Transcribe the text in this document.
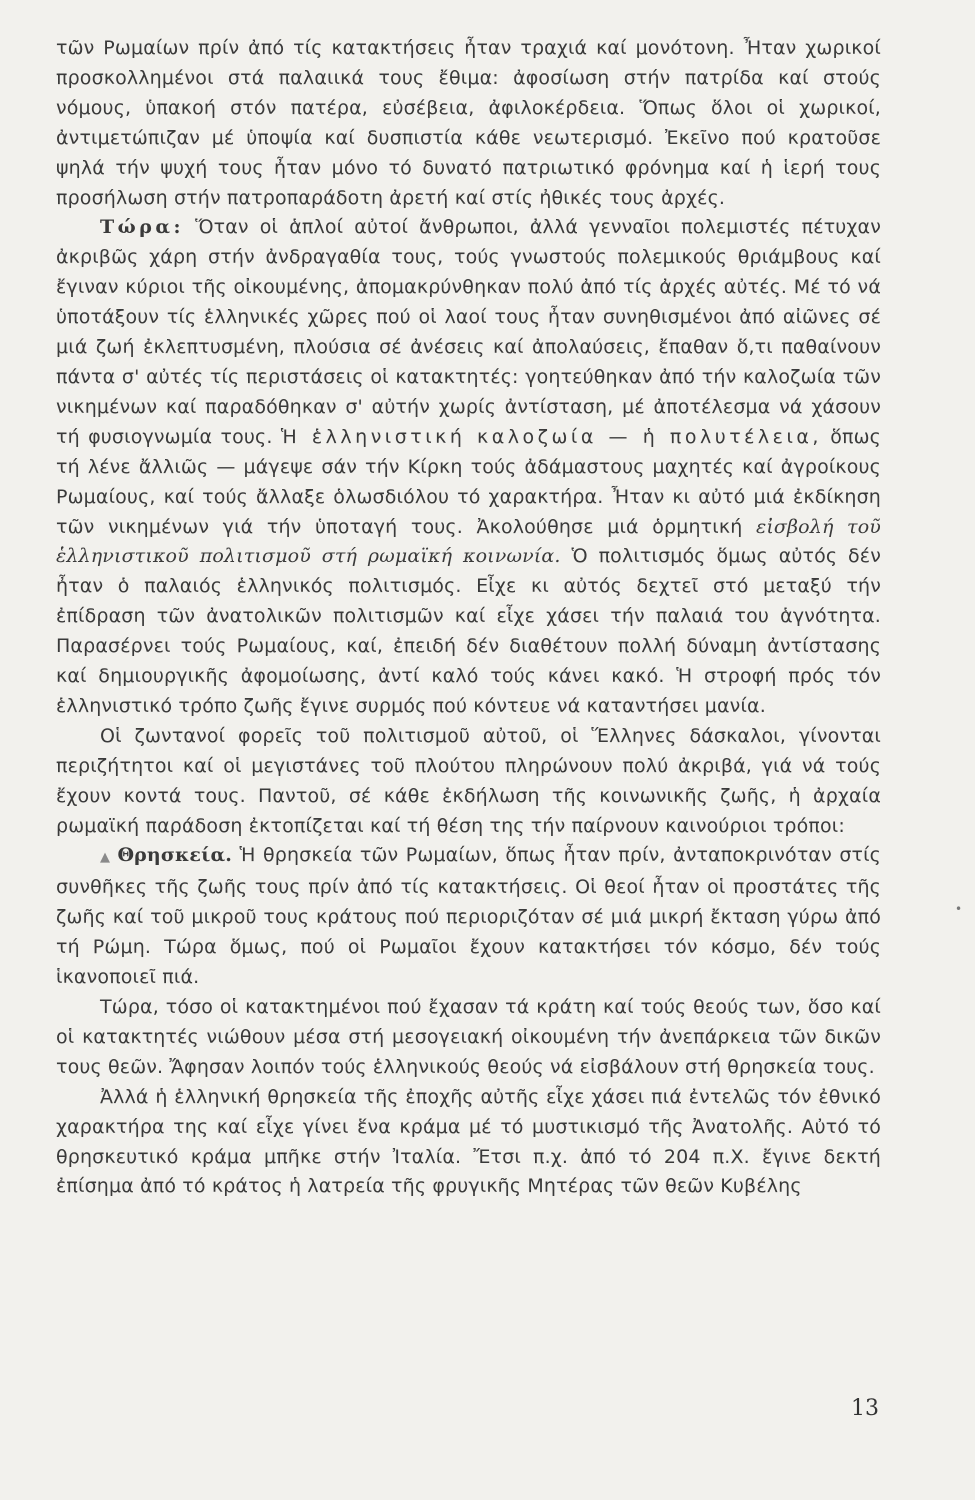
τῶν Ρωμαίων πρίν ἀπό τίς κατακτήσεις ἦταν τραχιά καί μονότονη. Ἦταν χωρικοί προσκολλημένοι στά παλαιικά τους ἔθιμα: ἀφοσίωση στήν πατρίδα καί στούς νόμους, ὑπακοή στόν πατέρα, εὐσέβεια, ἀφιλοκέρδεια. Ὅπως ὅλοι οἱ χωρικοί, ἀντιμετώπιζαν μέ ὑποψία καί δυσπιστία κάθε νεωτερισμό. Ἐκεῖνο πού κρατοῦσε ψηλά τήν ψυχή τους ἦταν μόνο τό δυνατό πατριωτικό φρόνημα καί ἡ ἱερή τους προσήλωση στήν πατροπαράδοτη ἀρετή καί στίς ἠθικές τους ἀρχές.

Τώρα: Ὅταν οἱ ἁπλοί αὐτοί ἄνθρωποι, ἀλλά γενναῖοι πολεμιστές πέτυχαν ἀκριβῶς χάρη στήν ἀνδραγαθία τους, τούς γνωστούς πολεμικούς θριάμβους καί ἔγιναν κύριοι τῆς οἰκουμένης, ἀπομακρύνθηκαν πολύ ἀπό τίς ἀρχές αὐτές. Μέ τό νά ὑποτάξουν τίς ἑλληνικές χῶρες πού οἱ λαοί τους ἦταν συνηθισμένοι ἀπό αἰῶνες σέ μιά ζωή ἐκλεπτυσμένη, πλούσια σέ ἀνέσεις καί ἀπολαύσεις, ἔπαθαν ὅ,τι παθαίνουν πάντα σ' αὐτές τίς περιστάσεις οἱ κατακτητές: γοητεύθηκαν ἀπό τήν καλοζωία τῶν νικημένων καί παραδόθηκαν σ' αὐτήν χωρίς ἀντίσταση, μέ ἀποτέλεσμα νά χάσουν τή φυσιογνωμία τους. Ἡ ἑλληνιστική καλοζωία — ἡ πολυτέλεια, ὅπως τή λένε ἄλλιῶς — μάγεψε σάν τήν Κίρκη τούς ἀδάμαστους μαχητές καί ἀγροίκους Ρωμαίους, καί τούς ἄλλαξε ὁλωσδιόλου τό χαρακτήρα. Ἦταν κι αὐτό μιά ἐκδίκηση τῶν νικημένων γιά τήν ὑποταγή τους. Ἀκολούθησε μιά ὁρμητική εἰσβολή τοῦ ἑλληνιστικοῦ πολιτισμοῦ στή ρωμαϊκή κοινωνία. Ὁ πολιτισμός ὅμως αὐτός δέν ἦταν ὁ παλαιός ἑλληνικός πολιτισμός. Εἶχε κι αὐτός δεχτεῖ στό μεταξύ τήν ἐπίδραση τῶν ἀνατολικῶν πολιτισμῶν καί εἶχε χάσει τήν παλαιά του ἁγνότητα. Παρασέρνει τούς Ρωμαίους, καί, ἐπειδή δέν διαθέτουν πολλή δύναμη ἀντίστασης καί δημιουργικῆς ἀφομοίωσης, ἀντί καλό τούς κάνει κακό. Ἡ στροφή πρός τόν ἑλληνιστικό τρόπο ζωῆς ἔγινε συρμός πού κόντευε νά καταντήσει μανία.

Οἱ ζωντανοί φορεῖς τοῦ πολιτισμοῦ αὐτοῦ, οἱ Ἕλληνες δάσκαλοι, γίνονται περιζήτητοι καί οἱ μεγιστάνες τοῦ πλούτου πληρώνουν πολύ ἀκριβά, γιά νά τούς ἔχουν κοντά τους. Παντοῦ, σέ κάθε ἐκδήλωση τῆς κοινωνικῆς ζωῆς, ἡ ἀρχαία ρωμαϊκή παράδοση ἐκτοπίζεται καί τή θέση της τήν παίρνουν καινούριοι τρόποι:

▲ Θρησκεία. Ἡ θρησκεία τῶν Ρωμαίων, ὅπως ἦταν πρίν, ἀνταποκρινόταν στίς συνθῆκες τῆς ζωῆς τους πρίν ἀπό τίς κατακτήσεις. Οἱ θεοί ἦταν οἱ προστάτες τῆς ζωῆς καί τοῦ μικροῦ τους κράτους πού περιοριζόταν σέ μιά μικρή ἔκταση γύρω ἀπό τή Ρώμη. Τώρα ὅμως, πού οἱ Ρωμαῖοι ἔχουν κατακτήσει τόν κόσμο, δέν τούς ἱκανοποιεῖ πιά.

Τώρα, τόσο οἱ κατακτημένοι πού ἔχασαν τά κράτη καί τούς θεούς των, ὅσο καί οἱ κατακτητές νιώθουν μέσα στή μεσογειακή οἰκουμένη τήν ἀνεπάρκεια τῶν δικῶν τους θεῶν. Ἄφησαν λοιπόν τούς ἑλληνικούς θεούς νά εἰσβάλουν στή θρησκεία τους.

Ἀλλά ἡ ἑλληνική θρησκεία τῆς ἐποχῆς αὐτῆς εἶχε χάσει πιά ἐντελῶς τόν ἐθνικό χαρακτήρα της καί εἶχε γίνει ἕνα κράμα μέ τό μυστικισμό τῆς Ἀνατολῆς. Αὐτό τό θρησκευτικό κράμα μπῆκε στήν Ἰταλία. Ἔτσι π.χ. ἀπό τό 204 π.Χ. ἔγινε δεκτή ἐπίσημα ἀπό τό κράτος ἡ λατρεία τῆς φρυγικῆς Μητέρας τῶν θεῶν Κυβέλης

•
13
